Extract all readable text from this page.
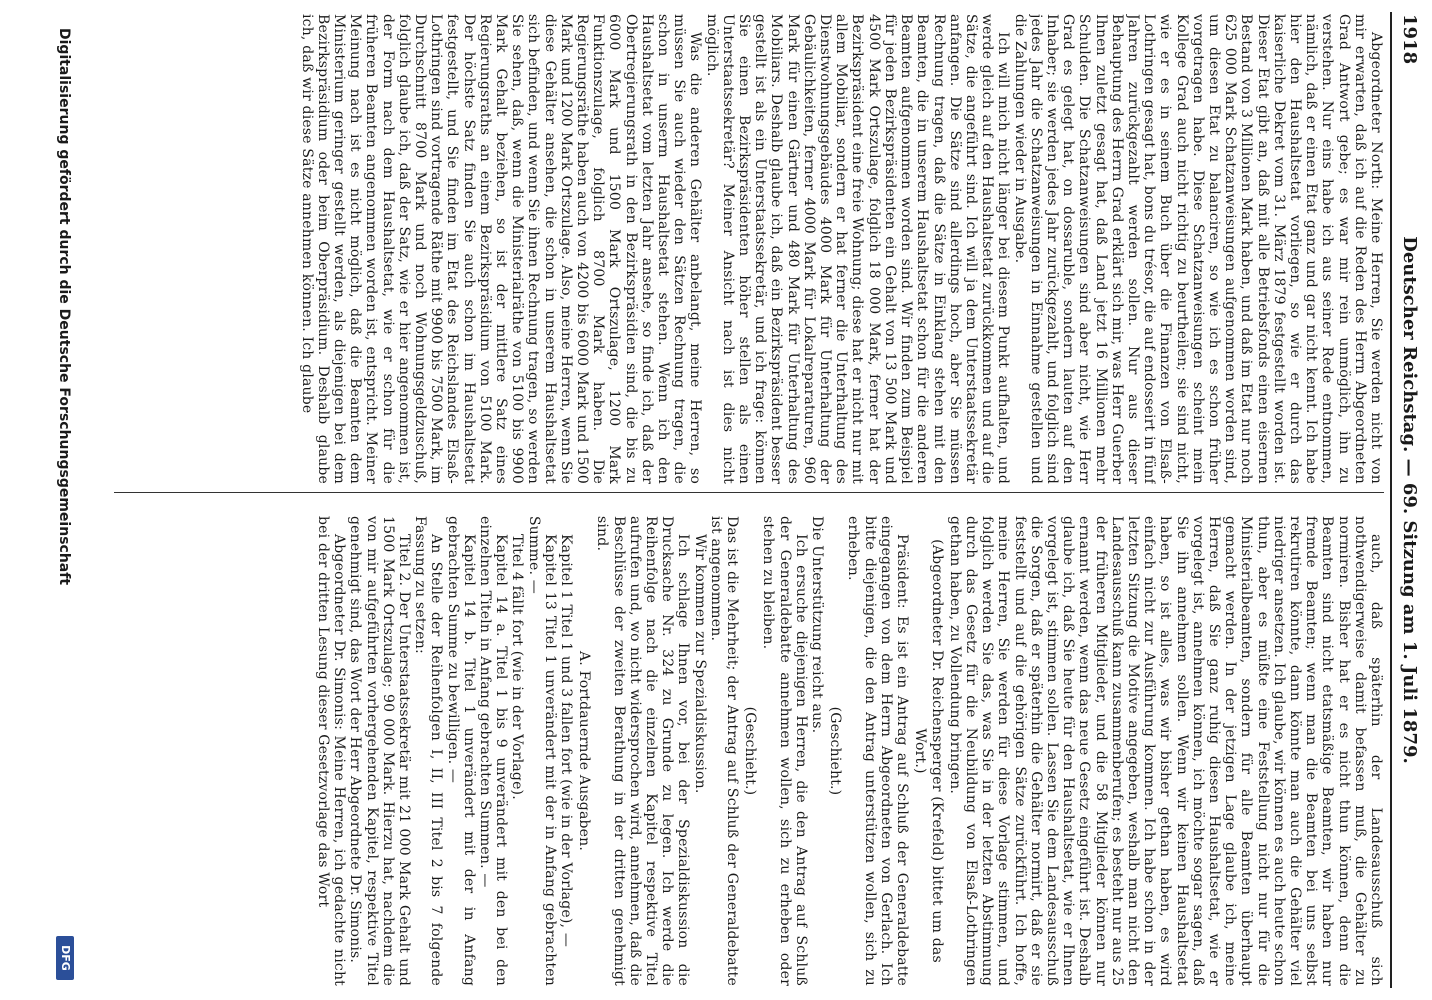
1918
Deutscher Reichstag. — 69. Sitzung am 1. Juli 1879.

Abgeordneter North: Meine Herren, Sie werden nicht von mir erwarten, daß ich auf die Reden des Herrn Abgeordneten Grad Antwort gebe; es war mir rein unmöglich, ihn zu verstehen. Nur eins habe ich aus seiner Rede entnommen, nämlich, daß er einen Etat ganz und gar nicht kennt. Ich habe hier den Haushaltsetat vorliegen, so wie er durch das kaiserliche Dekret vom 31. März 1879 festgestellt worden ist. Dieser Etat gibt an, daß mit alle Betriebsfonds einen eisernen Bestand von 3 Millionen Mark haben, und daß im Etat nur noch 625 000 Mark Schatzanweisungen aufgenommen worden sind, um diesen Etat zu balanciren, so wie ich es schon früher vorgetragen habe. Diese Schatzanweisungen scheint mein Kollege Grad auch nicht richtig zu beurtheilen; sie sind nicht, wie er es in seinem Buch über die Finanzen von Elsaß-Lothringen gesagt hat, bons du trésor, die auf endosseirt in fünf Jahren zurückgezahlt werden sollen. Nur aus dieser Behauptung des Herrn Grad erklärt sich mir, was Herr Guerber Ihnen zuletzt gesagt hat, daß Land jetzt 16 Millionen mehr Schulden. Die Schatzanweisungen sind aber nicht, wie Herr Grad es gelegt hat, on dossaruble, sondern lauten auf den Inhaber; sie werden jedes Jahr zurückgezahlt, und folglich sind jedes Jahr die Schatzanweisungen in Einnahme gestellen und die Zahlungen wieder in Ausgabe.

Ich will mich nicht länger bei diesem Punkt aufhalten, und werde gleich auf den Haushaltsetat zurückkommen und auf die Sätze, die angeführt sind. Ich will ja dem Unterstaatssekretär anfangen. Die Sätze sind allerdings hoch, aber Sie müssen Rechnung tragen, daß die Sätze in Einklang stehen mit den Beamten, die in unserem Haushaltsetat schon für die anderen Beamten aufgenommen worden sind. Wir finden zum Beispiel für jeden Bezirkspräsidenten ein Gehalt von 13 500 Mark und 4500 Mark Ortszulage, folglich 18 000 Mark, ferner hat der Bezirkspräsident eine freie Wohnung; diese hat er nicht nur mit allem Mobiliar, sondern er hat ferner die Unterhaltung des Dienstwohnungsgebäudes 4000 Mark für Unterhaltung der Gebäulichkeiten, ferner 4000 Mark für Lokalreparaturen, 960 Mark für einen Gärtner und 480 Mark für Unterhaltung des Mobiliars. Deshalb glaube ich, daß ein Bezirkspräsident besser gestellt ist als ein Unterstaatssekretär, und ich frage: können Sie einen Bezirkspräsidenten höher stellen als einen Unterstaatssekretär? Meiner Ansicht nach ist dies nicht möglich.

Was die anderen Gehälter anbelangt, meine Herren, so müssen Sie auch wieder den Sätzen Rechnung tragen, die schon in unserm Haushaltsetat stehen. Wenn ich den Haushaltsetat vom letzten Jahr ansehe, so finde ich, daß der Obertregierungsrath in den Bezirkspräsidien sind, die bis zu 6000 Mark und 1500 Mark Ortszulage, 1200 Mark Funktionszulage, folglich 8700 Mark haben. Die Regierungsräthe haben auch von 4200 bis 6000 Mark und 1500 Mark und 1200 Mark Ortszulage. Also, meine Herren, wenn Sie diese Gehälter ansehen, die schon in unserem Haushaltsetat sich befinden, und wenn Sie ihnen Rechnung tragen, so werden Sie sehen, daß, wenn die Ministerialräthe von 5100 bis 9900 Mark Gehalt beziehen, so ist der mittlere Satz eines Regierungsraths an einem Bezirkspräsidium von 5100 Mark. Der höchste Satz finden Sie auch schon im Haushaltsetat festgestellt, und Sie finden im Etat des Reichslandes Elsaß-Lothringen sind vortragende Räthe mit 9900 bis 7500 Mark, im Durchschnitt 8700 Mark und noch Wohnungsgeldzuschuß, folglich glaube ich, daß der Satz, wie er hier angenommen ist, der Form nach dem Haushaltsetat, wie er schon für die früheren Beamten angenommen worden ist, entspricht. Meiner Meinung nach ist es nicht möglich, daß die Beamten dem Ministerium geringer gestellt werden, als diejenigen bei dem Bezirkspräsidium oder beim Oberpräsidium. Deshalb glaube ich, daß wir diese Sätze annehmen können. Ich glaube

auch, daß späterhin der Landesausschuß sich nothwendigerweise damit befassen muß, die Gehälter zu normiren. Bisher hat er es nicht thun können, denn die Beamten sind nicht etatsmäßige Beamten, wir haben nur fremde Beamten; wenn man die Beamten bei uns selbst rekrutiren könnte, dann könnte man auch die Gehälter viel niedriger ansetzen. Ich glaube, wir können es auch heute schon thun, aber es müßte eine Feststellung nicht nur für die Ministerialbeamten, sondern für alle Beamten überhaupt gemacht werden. In der jetzigen Lage glaube ich, meine Herren, daß Sie ganz ruhig diesen Haushaltsetat, wie er vorgelegt ist, annehmen können, ich möchte sogar sagen, daß Sie ihn annehmen sollen. Wenn wir keinen Haushaltsetat haben, so ist alles, was wir bisher gethan haben, es wird einfach nicht zur Ausführung kommen. Ich habe schon in der letzten Sitzung die Motive angegeben, weshalb man nicht den Landesausschuß kann zusammenberufen; es besteht nur aus 25 der früheren Mitglieder, und die 58 Mitglieder können nur ernannt werden, wenn das neue Gesetz eingeführt ist. Deshalb glaube ich, daß Sie heute für den Haushaltsetat, wie er Ihnen vorgelegt ist, stimmen sollen. Lassen Sie dem Landesausschuß die Sorgen, daß er späterhin die Gehälter normirt, daß er sie feststellt und auf die gehörigen Sätze zurückführt. Ich hoffe, meine Herren, Sie werden für diese Vorlage stimmen, und folglich werden Sie das, was Sie in der letzten Abstimmung durch das Gesetz für die Neubildung von Elsaß-Lothringen gethan haben, zu Vollendung bringen.

(Abgeordneter Dr. Reichensperger (Krefeld) bittet um das Wort.)

Präsident: Es ist ein Antrag auf Schluß der Generaldebatte eingegangen von dem Herrn Abgeordneten von Gerlach. Ich bitte diejenigen, die den Antrag unterstützen wollen, sich zu erheben.

(Geschieht.)

Die Unterstützung reicht aus.

Ich ersuche diejenigen Herren, die den Antrag auf Schluß der Generaldebatte annehmen wollen, sich zu erheben oder stehen zu bleiben.

(Geschieht.)

Das ist die Mehrheit; der Antrag auf Schluß der Generaldebatte ist angenommen.

Wir kommen zur Spezialdiskussion.

Ich schlage Ihnen vor, bei der Spezialdiskussion die Drucksache Nr. 324 zu Grunde zu legen. Ich werde die Reihenfolge nach die einzelnen Kapitel respektive Titel aufrufen und, wo nicht widersprochen wird, annehmen, daß die Beschlüsse der zweiten Berathung in der dritten genehmigt sind.

A. Fortdauernde Ausgaben.

Kapitel 1 Titel 1 und 3 fallen fort (wie in der Vorlage), —

Kapitel 13 Titel 1 unverändert mit der in Anfang gebrachten Summe. —

Titel 4 fällt fort (wie in der Vorlage).

Kapitel 14 a. Titel 1 bis 9 unverändert mit den bei den einzelnen Titeln in Anfang gebrachten Summen. —

Kapitel 14 b. Titel 1 unverändert mit der in Anfang gebrachten Summe zu bewilligen. —

An Stelle der Reihenfolgen I, II, III Titel 2 bis 7 folgende Fassung zu setzen:

Titel 2. Der Unterstaatssekretär mit 21 000 Mark Gehalt und 1500 Mark Ortszulage; 90 000 Mark. Hierzu hat, nachdem die von mir aufgeführten vorhergehenden Kapitel, respektive Titel genehmigt sind, das Wort der Herr Abgeordnete Dr. Simonis.

Abgeordneter Dr. Simonis: Meine Herren, ich gedachte nicht bei der dritten Lesung dieser Gesetzvorlage das Wort

Digitalisierung gefördert durch die Deutsche Forschungsgemeinschaft
DFG
